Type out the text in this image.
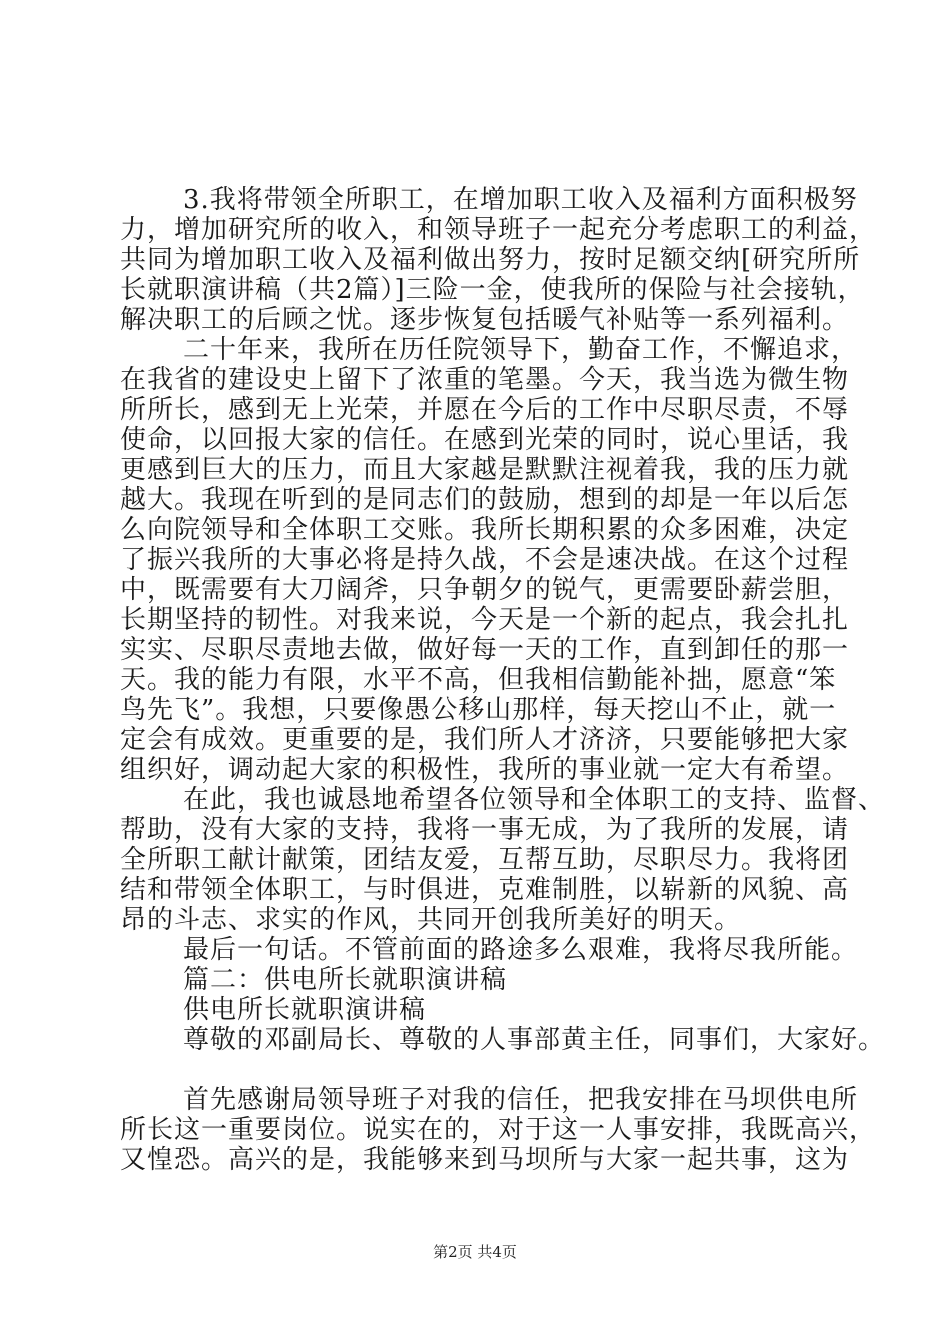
3.我将带领全所职工，在增加职工收入及福利方面积极努
力，增加研究所的收入，和领导班子一起充分考虑职工的利益，
共同为增加职工收入及福利做出努力，按时足额交纳[研究所所
长就职演讲稿（共2篇）]三险一金，使我所的保险与社会接轨，
解决职工的后顾之忧。逐步恢复包括暖气补贴等一系列福利。
二十年来，我所在历任院领导下，勤奋工作，不懈追求，
在我省的建设史上留下了浓重的笔墨。今天，我当选为微生物
所所长，感到无上光荣，并愿在今后的工作中尽职尽责，不辱
使命，以回报大家的信任。在感到光荣的同时，说心里话，我
更感到巨大的压力，而且大家越是默默注视着我，我的压力就
越大。我现在听到的是同志们的鼓励，想到的却是一年以后怎
么向院领导和全体职工交账。我所长期积累的众多困难，决定
了振兴我所的大事必将是持久战，不会是速决战。在这个过程
中，既需要有大刀阔斧，只争朝夕的锐气，更需要卧薪尝胆，
长期坚持的韧性。对我来说，今天是一个新的起点，我会扎扎
实实、尽职尽责地去做，做好每一天的工作，直到卸任的那一
天。我的能力有限，水平不高，但我相信勤能补拙，愿意“笨
鸟先飞”。我想，只要像愚公移山那样，每天挖山不止，就一
定会有成效。更重要的是，我们所人才济济，只要能够把大家
组织好，调动起大家的积极性，我所的事业就一定大有希望。
在此，我也诚恳地希望各位领导和全体职工的支持、监督、
帮助，没有大家的支持，我将一事无成，为了我所的发展，请
全所职工献计献策，团结友爱，互帮互助，尽职尽力。我将团
结和带领全体职工，与时俱进，克难制胜，以崭新的风貌、高
昂的斗志、求实的作风，共同开创我所美好的明天。
最后一句话。不管前面的路途多么艰难，我将尽我所能。
篇二：供电所长就职演讲稿
供电所长就职演讲稿
尊敬的邓副局长、尊敬的人事部黄主任，同事们，大家好。
首先感谢局领导班子对我的信任，把我安排在马坝供电所
所长这一重要岗位。说实在的，对于这一人事安排，我既高兴，
又惶恐。高兴的是，我能够来到马坝所与大家一起共事，这为
第2页 共4页
